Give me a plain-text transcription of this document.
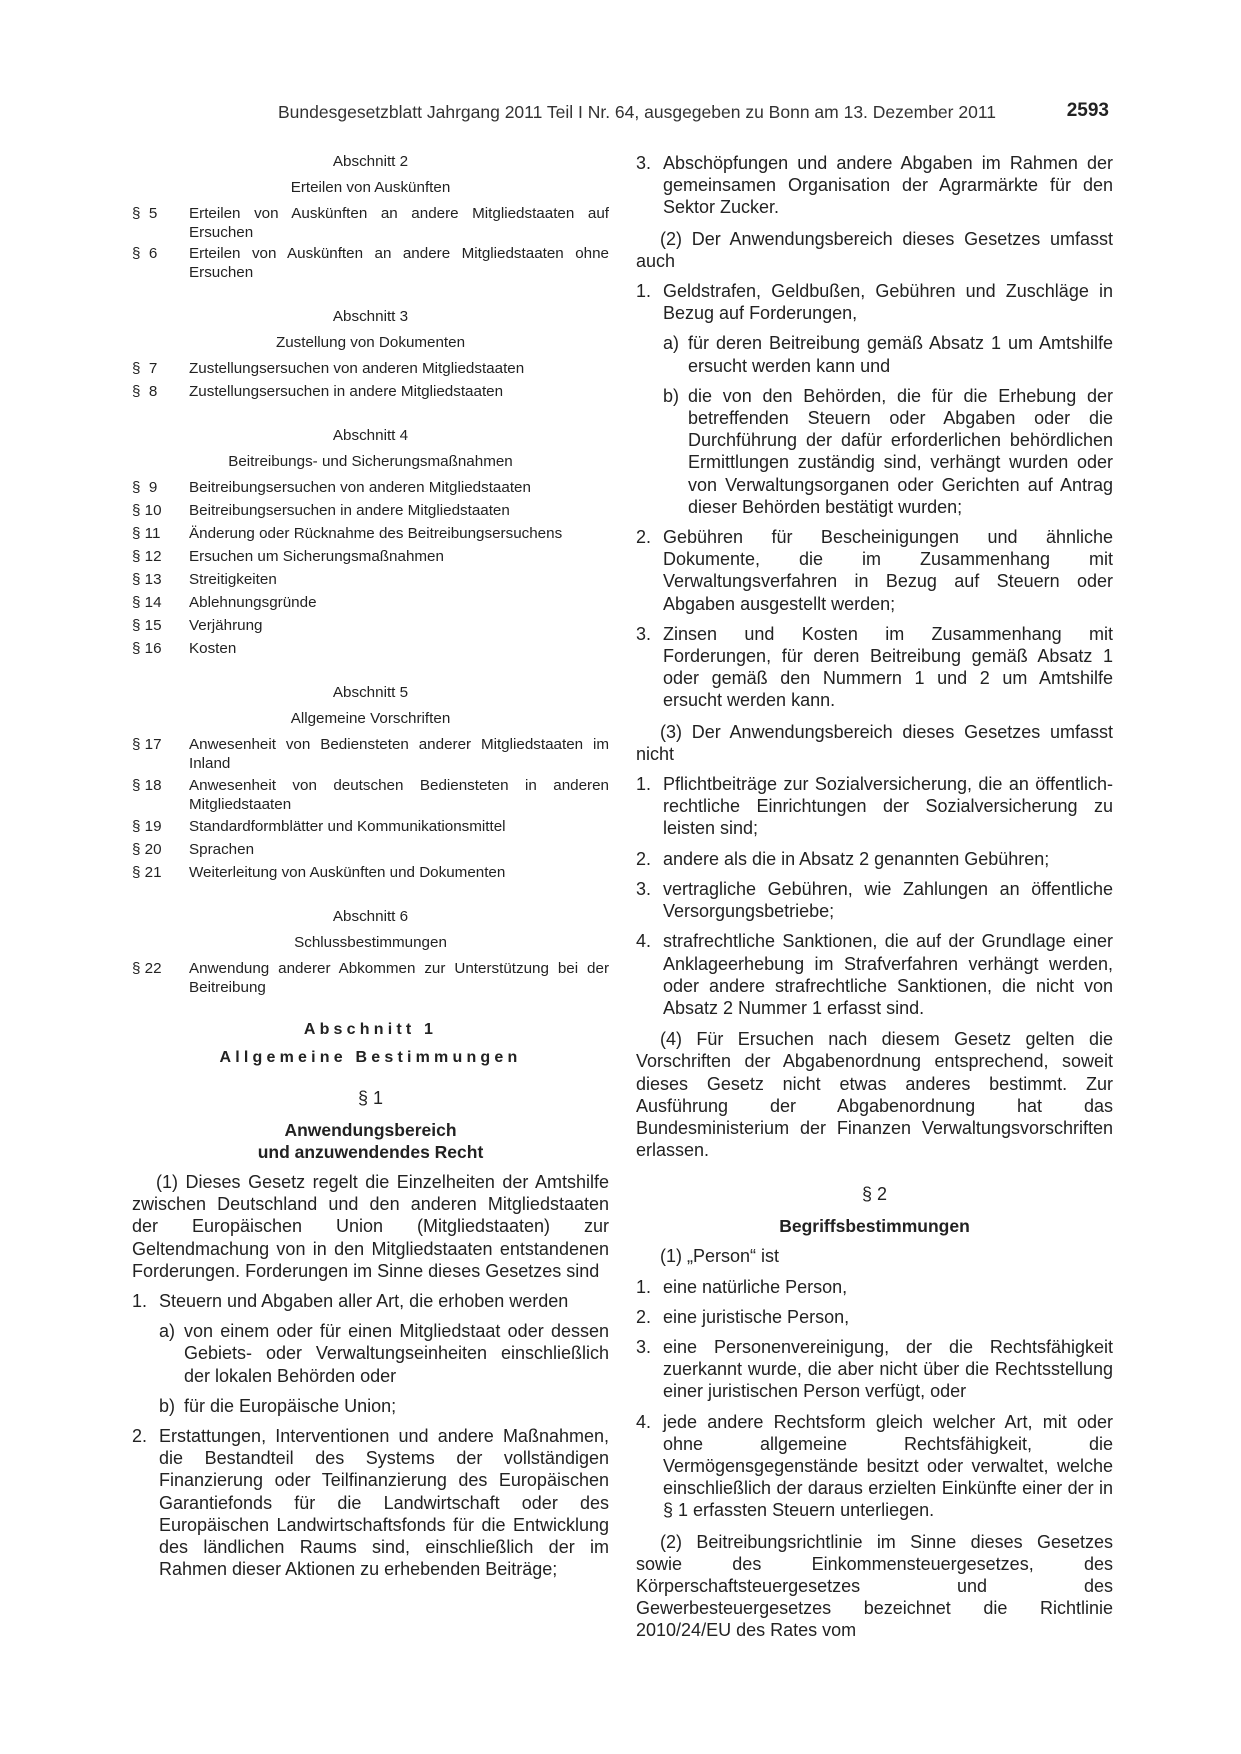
Bundesgesetzblatt Jahrgang 2011 Teil I Nr. 64, ausgegeben zu Bonn am 13. Dezember 2011	2593

Abschnitt 2

Erteilen von Auskünften

§  5	Erteilen von Auskünften an andere Mitgliedstaaten auf Ersuchen
§  6	Erteilen von Auskünften an andere Mitgliedstaaten ohne Ersuchen

Abschnitt 3

Zustellung von Dokumenten

§  7	Zustellungsersuchen von anderen Mitgliedstaaten
§  8	Zustellungsersuchen in andere Mitgliedstaaten

Abschnitt 4

Beitreibungs- und Sicherungsmaßnahmen

§  9	Beitreibungsersuchen von anderen Mitgliedstaaten
§ 10	Beitreibungsersuchen in andere Mitgliedstaaten
§ 11	Änderung oder Rücknahme des Beitreibungsersuchens
§ 12	Ersuchen um Sicherungsmaßnahmen
§ 13	Streitigkeiten
§ 14	Ablehnungsgründe
§ 15	Verjährung
§ 16	Kosten

Abschnitt 5

Allgemeine Vorschriften

§ 17	Anwesenheit von Bediensteten anderer Mitgliedstaaten im Inland
§ 18	Anwesenheit von deutschen Bediensteten in anderen Mitgliedstaaten
§ 19	Standardformblätter und Kommunikationsmittel
§ 20	Sprachen
§ 21	Weiterleitung von Auskünften und Dokumenten

Abschnitt 6

Schlussbestimmungen

§ 22	Anwendung anderer Abkommen zur Unterstützung bei der Beitreibung
Abschnitt 1
Allgemeine Bestimmungen
§ 1
Anwendungsbereich
und anzuwendendes Recht

(1) Dieses Gesetz regelt die Einzelheiten der Amtshilfe zwischen Deutschland und den anderen Mitgliedstaaten der Europäischen Union (Mitgliedstaaten) zur Geltendmachung von in den Mitgliedstaaten entstandenen Forderungen. Forderungen im Sinne dieses Gesetzes sind

1. Steuern und Abgaben aller Art, die erhoben werden
a) von einem oder für einen Mitgliedstaat oder dessen Gebiets- oder Verwaltungseinheiten einschließlich der lokalen Behörden oder
b) für die Europäische Union;
2. Erstattungen, Interventionen und andere Maßnahmen, die Bestandteil des Systems der vollständigen Finanzierung oder Teilfinanzierung des Europäischen Garantiefonds für die Landwirtschaft oder des Europäischen Landwirtschaftsfonds für die Entwicklung des ländlichen Raums sind, einschließlich der im Rahmen dieser Aktionen zu erhebenden Beiträge;
3. Abschöpfungen und andere Abgaben im Rahmen der gemeinsamen Organisation der Agrarmärkte für den Sektor Zucker.

(2) Der Anwendungsbereich dieses Gesetzes umfasst auch

1. Geldstrafen, Geldbußen, Gebühren und Zuschläge in Bezug auf Forderungen,
a) für deren Beitreibung gemäß Absatz 1 um Amtshilfe ersucht werden kann und
b) die von den Behörden, die für die Erhebung der betreffenden Steuern oder Abgaben oder die Durchführung der dafür erforderlichen behördlichen Ermittlungen zuständig sind, verhängt wurden oder von Verwaltungsorganen oder Gerichten auf Antrag dieser Behörden bestätigt wurden;
2. Gebühren für Bescheinigungen und ähnliche Dokumente, die im Zusammenhang mit Verwaltungsverfahren in Bezug auf Steuern oder Abgaben ausgestellt werden;
3. Zinsen und Kosten im Zusammenhang mit Forderungen, für deren Beitreibung gemäß Absatz 1 oder gemäß den Nummern 1 und 2 um Amtshilfe ersucht werden kann.

(3) Der Anwendungsbereich dieses Gesetzes umfasst nicht

1. Pflichtbeiträge zur Sozialversicherung, die an öffentlich-rechtliche Einrichtungen der Sozialversicherung zu leisten sind;
2. andere als die in Absatz 2 genannten Gebühren;
3. vertragliche Gebühren, wie Zahlungen an öffentliche Versorgungsbetriebe;
4. strafrechtliche Sanktionen, die auf der Grundlage einer Anklageerhebung im Strafverfahren verhängt werden, oder andere strafrechtliche Sanktionen, die nicht von Absatz 2 Nummer 1 erfasst sind.

(4) Für Ersuchen nach diesem Gesetz gelten die Vorschriften der Abgabenordnung entsprechend, soweit dieses Gesetz nicht etwas anderes bestimmt. Zur Ausführung der Abgabenordnung hat das Bundesministerium der Finanzen Verwaltungsvorschriften erlassen.

§ 2
Begriffsbestimmungen

(1) „Person“ ist

1. eine natürliche Person,
2. eine juristische Person,
3. eine Personenvereinigung, der die Rechtsfähigkeit zuerkannt wurde, die aber nicht über die Rechtsstellung einer juristischen Person verfügt, oder
4. jede andere Rechtsform gleich welcher Art, mit oder ohne allgemeine Rechtsfähigkeit, die Vermögensgegenstände besitzt oder verwaltet, welche einschließlich der daraus erzielten Einkünfte einer der in § 1 erfassten Steuern unterliegen.

(2) Beitreibungsrichtlinie im Sinne dieses Gesetzes sowie des Einkommensteuergesetzes, des Körperschaftsteuergesetzes und des Gewerbesteuergesetzes bezeichnet die Richtlinie 2010/24/EU des Rates vom
